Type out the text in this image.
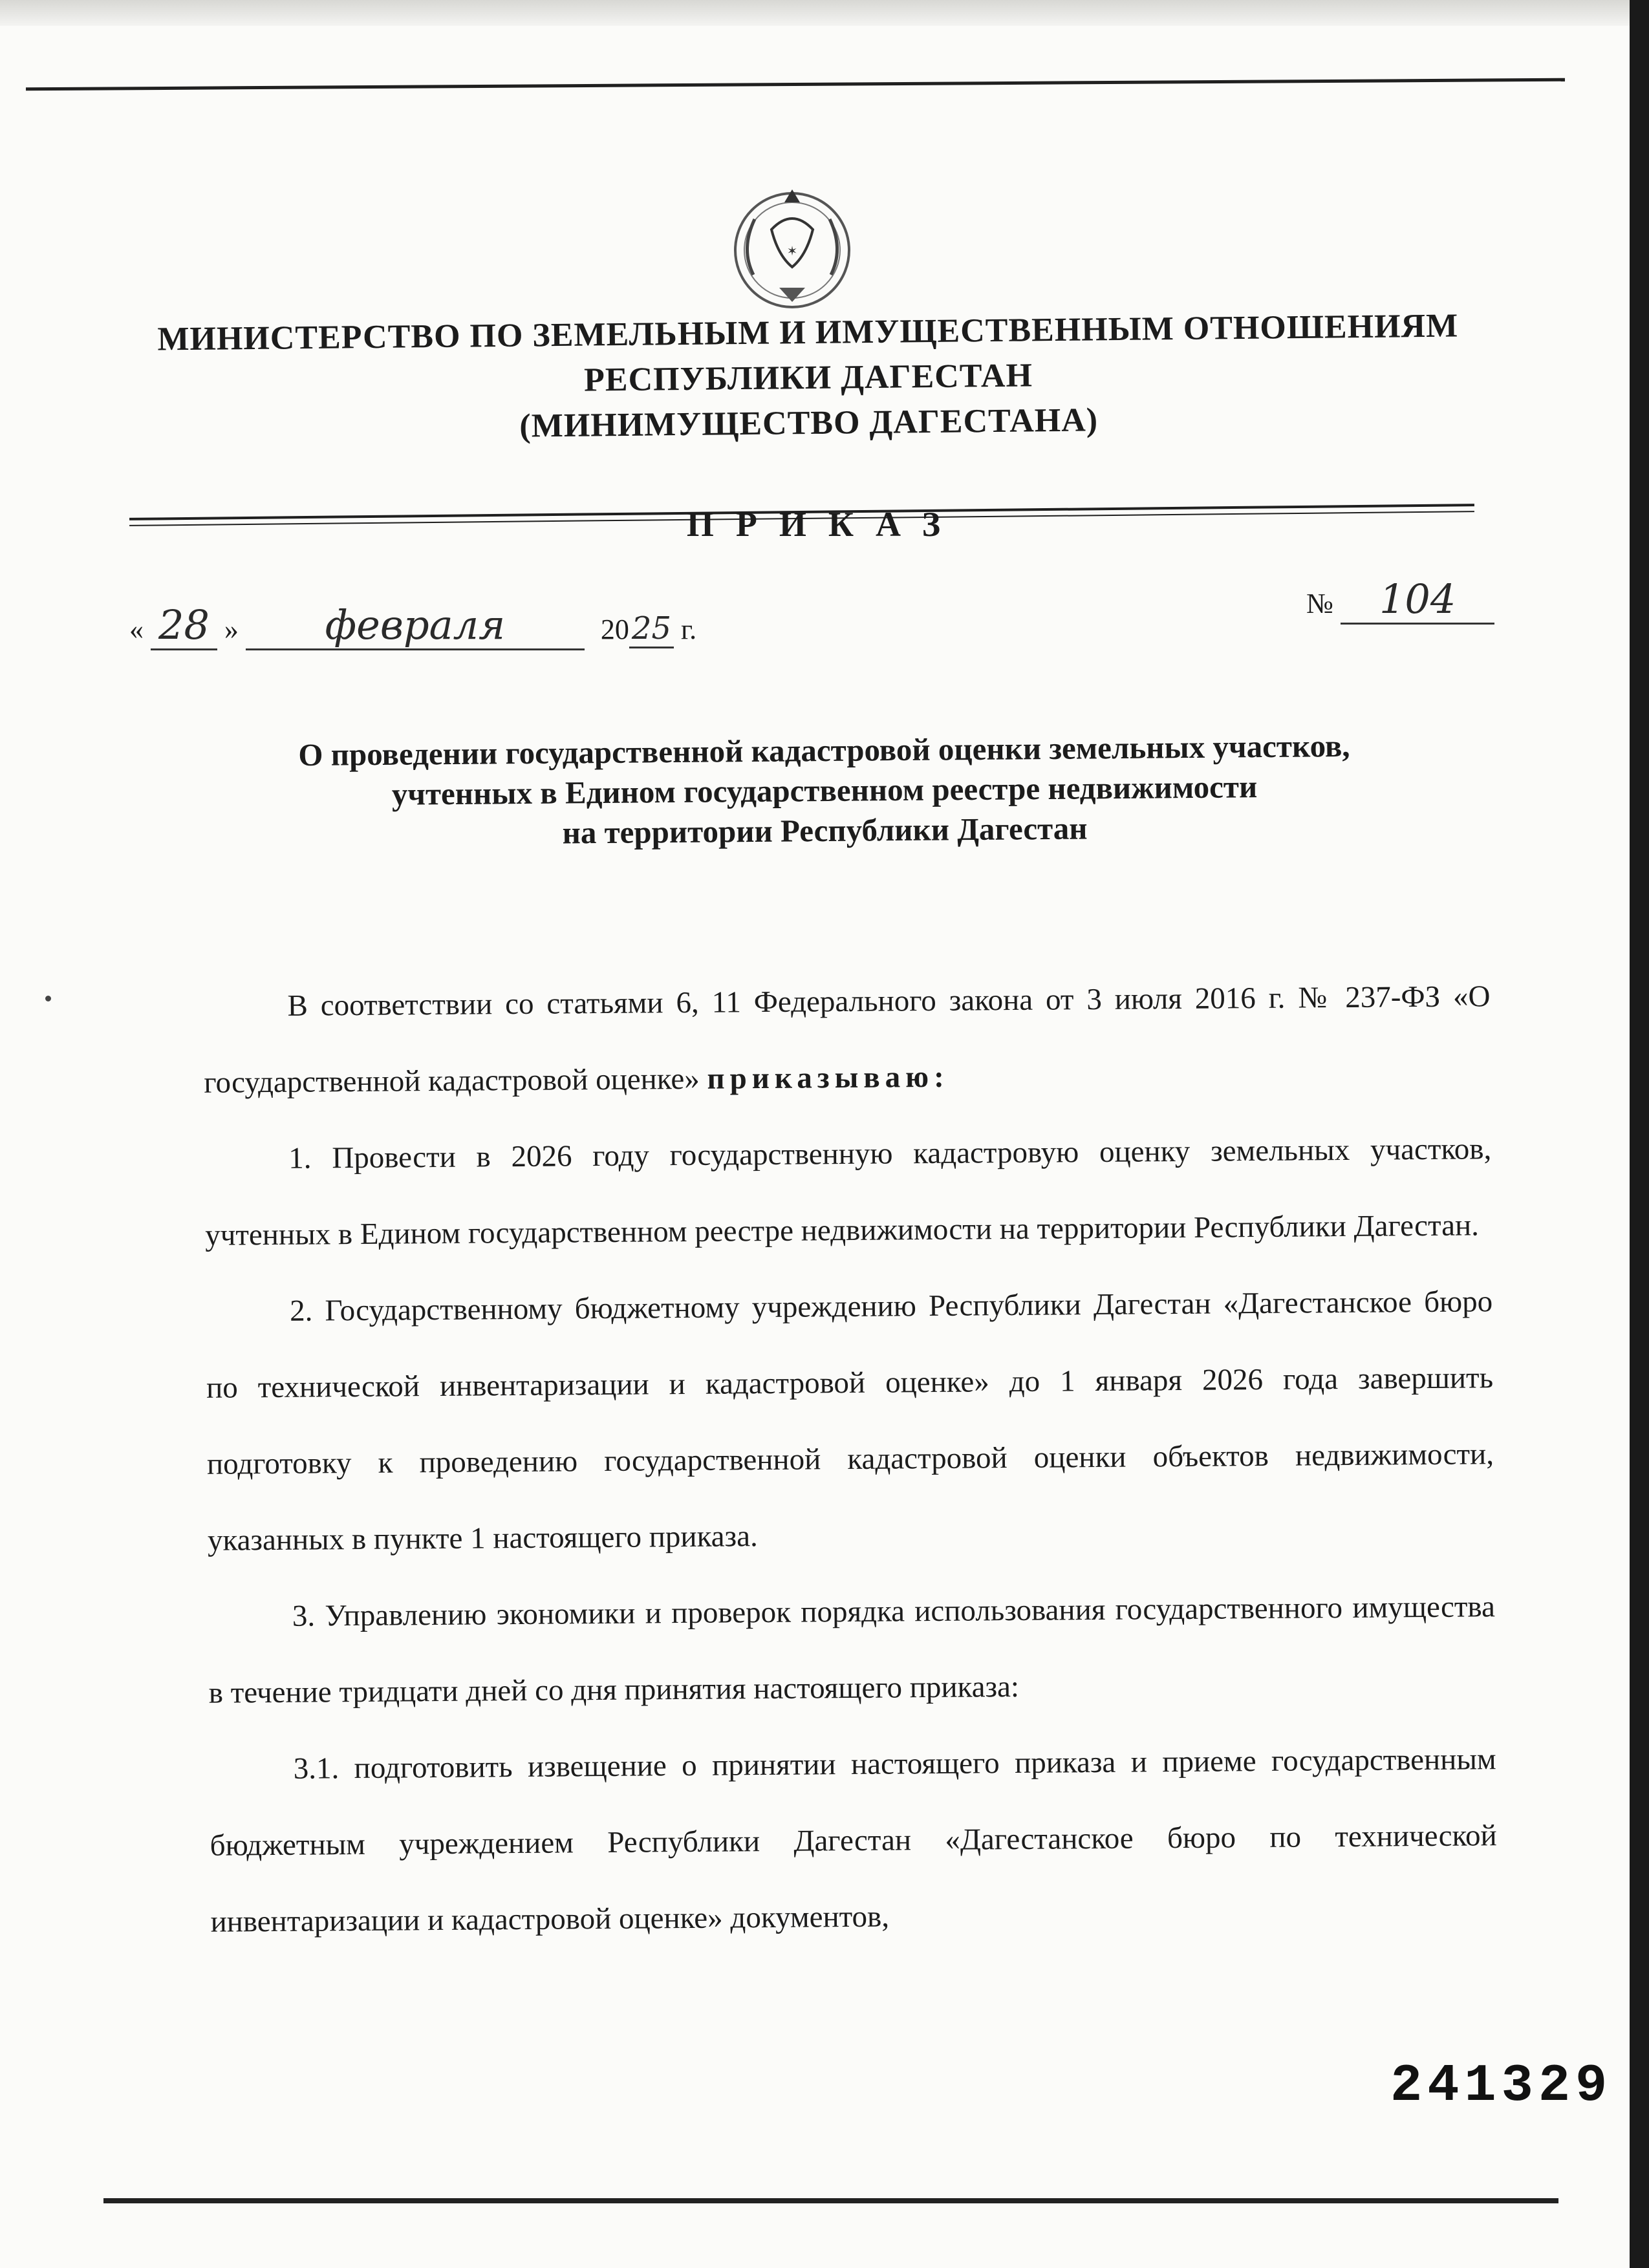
✶
МИНИСТЕРСТВО ПО ЗЕМЕЛЬНЫМ И ИМУЩЕСТВЕННЫМ ОТНОШЕНИЯМ
РЕСПУБЛИКИ ДАГЕСТАН
(МИНИМУЩЕСТВО ДАГЕСТАНА)
ПРИКАЗ
« 28 » февраля	2025 г.
№ 104
О проведении государственной кадастровой оценки земельных участков,
учтенных в Едином государственном реестре недвижимости
на территории Республики Дагестан

В соответствии со статьями 6, 11 Федерального закона от 3 июля 2016 г. № 237-ФЗ «О государственной кадастровой оценке» приказываю:

1. Провести в 2026 году государственную кадастровую оценку земельных участков, учтенных в Едином государственном реестре недвижимости на территории Республики Дагестан.

2. Государственному бюджетному учреждению Республики Дагестан «Дагестанское бюро по технической инвентаризации и кадастровой оценке» до 1 января 2026 года завершить подготовку к проведению государственной кадастровой оценки объектов недвижимости, указанных в пункте 1 настоящего приказа.

3. Управлению экономики и проверок порядка использования государственного имущества в течение тридцати дней со дня принятия настоящего приказа:

3.1. подготовить извещение о принятии настоящего приказа и приеме государственным бюджетным учреждением Республики Дагестан «Дагестанское бюро по технической инвентаризации и кадастровой оценке» документов,

241329
